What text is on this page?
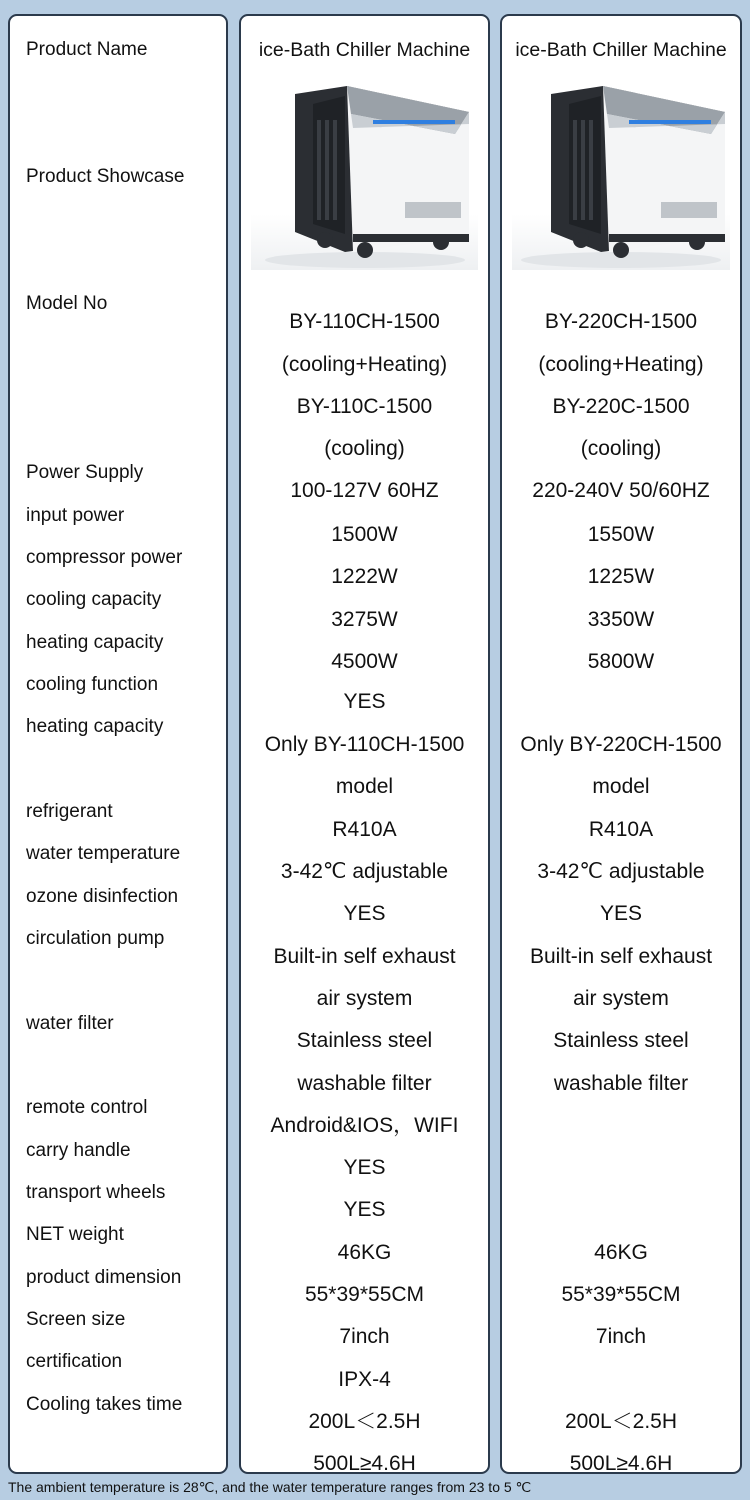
Product Name
Product Showcase
Model No
Power Supply
input power
compressor power
cooling capacity
heating capacity
cooling function
heating capacity
refrigerant
water temperature
ozone disinfection
circulation pump
water filter
remote control
carry handle
transport wheels
NET weight
product dimension
Screen size
certification
Cooling takes time
ice-Bath Chiller Machine
BY-110CH-1500
(cooling+Heating)
BY-110C-1500
(cooling)
100-127V 60HZ
1500W
1222W
3275W
4500W
YES
Only BY-110CH-1500
model
R410A
3-42℃ adjustable
YES
Built-in self exhaust
air system
Stainless steel
washable filter
Android&IOS，WIFI
YES
YES
46KG
55*39*55CM
7inch
IPX-4
200L＜2.5H
500L≥4.6H
ice-Bath Chiller Machine
BY-220CH-1500
(cooling+Heating)
BY-220C-1500
(cooling)
220-240V 50/60HZ
1550W
1225W
3350W
5800W
Only BY-220CH-1500
model
R410A
3-42℃ adjustable
YES
Built-in self exhaust
air system
Stainless steel
washable filter
46KG
55*39*55CM
7inch
200L＜2.5H
500L≥4.6H
The ambient temperature is 28℃, and the water temperature ranges from 23 to 5 ℃
